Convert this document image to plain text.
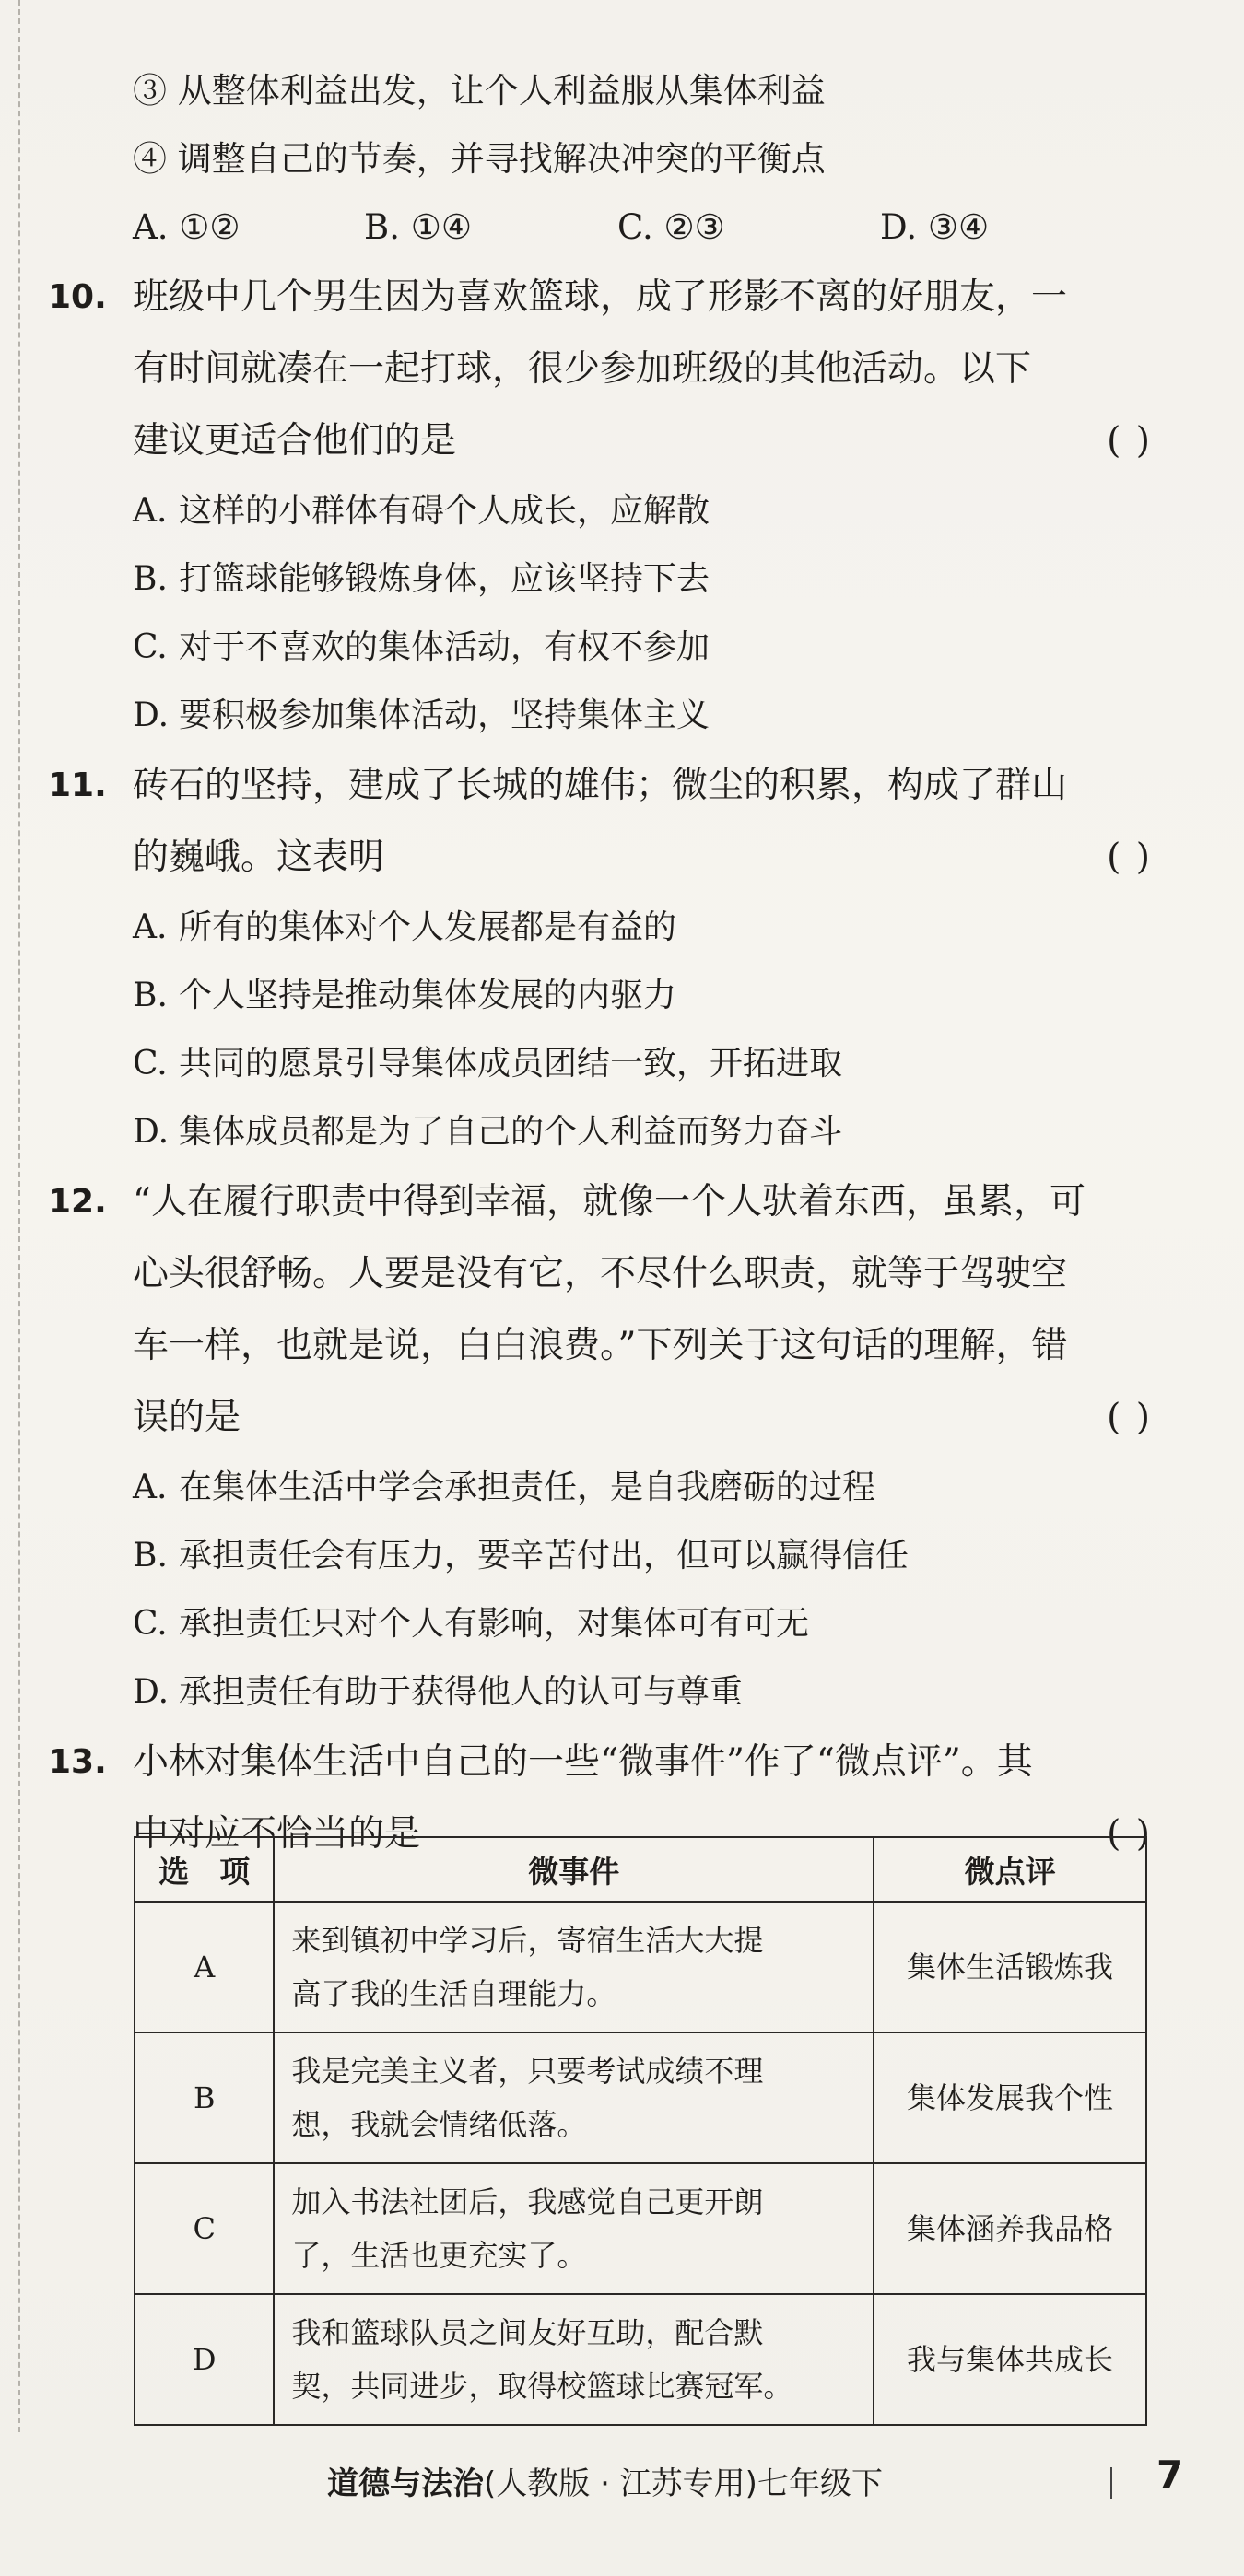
③ 从整体利益出发，让个人利益服从集体利益
④ 调整自己的节奏，并寻找解决冲突的平衡点
A. ①②	B. ①④	C. ②③	D. ③④
10. 班级中几个男生因为喜欢篮球，成了形影不离的好朋友，一
有时间就凑在一起打球，很少参加班级的其他活动。以下
建议更适合他们的是	( )
A. 这样的小群体有碍个人成长，应解散
B. 打篮球能够锻炼身体，应该坚持下去
C. 对于不喜欢的集体活动，有权不参加
D. 要积极参加集体活动，坚持集体主义
11. 砖石的坚持，建成了长城的雄伟；微尘的积累，构成了群山
的巍峨。这表明	( )
A. 所有的集体对个人发展都是有益的
B. 个人坚持是推动集体发展的内驱力
C. 共同的愿景引导集体成员团结一致，开拓进取
D. 集体成员都是为了自己的个人利益而努力奋斗
12. “人在履行职责中得到幸福，就像一个人驮着东西，虽累，可
心头很舒畅。人要是没有它，不尽什么职责，就等于驾驶空
车一样，也就是说，白白浪费。”下列关于这句话的理解，错
误的是	( )
A. 在集体生活中学会承担责任，是自我磨砺的过程
B. 承担责任会有压力，要辛苦付出，但可以赢得信任
C. 承担责任只对个人有影响，对集体可有可无
D. 承担责任有助于获得他人的认可与尊重
13. 小林对集体生活中自己的一些“微事件”作了“微点评”。其
中对应不恰当的是	( )
选　项	微事件	微点评
A	来到镇初中学习后，寄宿生活大大提
高了我的生活自理能力。	集体生活锻炼我
B	我是完美主义者，只要考试成绩不理
想，我就会情绪低落。	集体发展我个性
C	加入书法社团后，我感觉自己更开朗
了，生活也更充实了。	集体涵养我品格
D	我和篮球队员之间友好互助，配合默
契，共同进步，取得校篮球比赛冠军。	我与集体共成长
道德与法治(人教版 · 江苏专用)七年级下	7
